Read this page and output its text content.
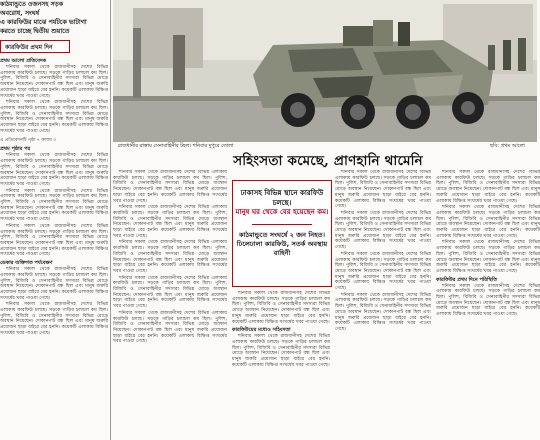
কাঠমান্ডুতে ওজনসহ সড়ক
অবরোধ, সংঘর্ষ
এ কারফিউর মাঝে পর্যটকে ভাটাগা
করতে চাচ্ছে দ্বিতীয় শুয়াতে
কারফিউর প্রথম দিন
রাজধানীর রাস্তায় সেনাবাহিনীর টহল। শনিবার দুপুরে তোলা	ছবি: প্রথম আলো
সহিংসতা কমেছে, প্রাণহানি থামেনি
ঢাকাসহ বিভিন্ন স্থানে কারফিউ চলছে।
মানুষ ঘর থেকে বের হয়েছেন কম।
কাঠমান্ডুতে সংঘর্ষে ২ জন নিহত।
ঢিলেঢালা কারফিউ, সতর্ক অবস্থায় বাহিনী
প্রথম আলো প্রতিবেদক
শনিবার সকাল থেকে রাজধানীসহ দেশের বিভিন্ন এলাকায় কারফিউ চলছে। সড়কে গাড়ির চলাচল কম ছিল। পুলিশ, বিজিবি ও সেনাবাহিনীর সদস্যরা বিভিন্ন মোড়ে অবস্থান নিয়েছেন। দোকানপাট বন্ধ ছিল এবং মানুষ জরুরি প্রয়োজন ছাড়া বাইরে বের হননি। কয়েকটি এলাকায় বিক্ষিপ্ত সংঘর্ষের খবর পাওয়া গেছে।
শনিবার সকাল থেকে রাজধানীসহ দেশের বিভিন্ন এলাকায় কারফিউ চলছে। সড়কে গাড়ির চলাচল কম ছিল। পুলিশ, বিজিবি ও সেনাবাহিনীর সদস্যরা বিভিন্ন মোড়ে অবস্থান নিয়েছেন। দোকানপাট বন্ধ ছিল এবং মানুষ জরুরি প্রয়োজন ছাড়া বাইরে বের হননি। কয়েকটি এলাকায় বিক্ষিপ্ত সংঘর্ষের খবর পাওয়া গেছে।
এ প্রতিবেদনটি পৃষ্ঠা ৭ কলাম ৩
প্রথম পৃষ্ঠার পর
শনিবার সকাল থেকে রাজধানীসহ দেশের বিভিন্ন এলাকায় কারফিউ চলছে। সড়কে গাড়ির চলাচল কম ছিল। পুলিশ, বিজিবি ও সেনাবাহিনীর সদস্যরা বিভিন্ন মোড়ে অবস্থান নিয়েছেন। দোকানপাট বন্ধ ছিল এবং মানুষ জরুরি প্রয়োজন ছাড়া বাইরে বের হননি। কয়েকটি এলাকায় বিক্ষিপ্ত সংঘর্ষের খবর পাওয়া গেছে।
শনিবার সকাল থেকে রাজধানীসহ দেশের বিভিন্ন এলাকায় কারফিউ চলছে। সড়কে গাড়ির চলাচল কম ছিল। পুলিশ, বিজিবি ও সেনাবাহিনীর সদস্যরা বিভিন্ন মোড়ে অবস্থান নিয়েছেন। দোকানপাট বন্ধ ছিল এবং মানুষ জরুরি প্রয়োজন ছাড়া বাইরে বের হননি। কয়েকটি এলাকায় বিক্ষিপ্ত সংঘর্ষের খবর পাওয়া গেছে।
শনিবার সকাল থেকে রাজধানীসহ দেশের বিভিন্ন এলাকায় কারফিউ চলছে। সড়কে গাড়ির চলাচল কম ছিল। পুলিশ, বিজিবি ও সেনাবাহিনীর সদস্যরা বিভিন্ন মোড়ে অবস্থান নিয়েছেন। দোকানপাট বন্ধ ছিল এবং মানুষ জরুরি প্রয়োজন ছাড়া বাইরে বের হননি। কয়েকটি এলাকায় বিক্ষিপ্ত সংঘর্ষের খবর পাওয়া গেছে।
ডেকার ব্যক্তিগত পর্যবেক্ষণ
শনিবার সকাল থেকে রাজধানীসহ দেশের বিভিন্ন এলাকায় কারফিউ চলছে। সড়কে গাড়ির চলাচল কম ছিল। পুলিশ, বিজিবি ও সেনাবাহিনীর সদস্যরা বিভিন্ন মোড়ে অবস্থান নিয়েছেন। দোকানপাট বন্ধ ছিল এবং মানুষ জরুরি প্রয়োজন ছাড়া বাইরে বের হননি। কয়েকটি এলাকায় বিক্ষিপ্ত সংঘর্ষের খবর পাওয়া গেছে।
শনিবার সকাল থেকে রাজধানীসহ দেশের বিভিন্ন এলাকায় কারফিউ চলছে। সড়কে গাড়ির চলাচল কম ছিল। পুলিশ, বিজিবি ও সেনাবাহিনীর সদস্যরা বিভিন্ন মোড়ে অবস্থান নিয়েছেন। দোকানপাট বন্ধ ছিল এবং মানুষ জরুরি প্রয়োজন ছাড়া বাইরে বের হননি। কয়েকটি এলাকায় বিক্ষিপ্ত সংঘর্ষের খবর পাওয়া গেছে।
শনিবার সকাল থেকে রাজধানীসহ দেশের বিভিন্ন এলাকায় কারফিউ চলছে। সড়কে গাড়ির চলাচল কম ছিল। পুলিশ, বিজিবি ও সেনাবাহিনীর সদস্যরা বিভিন্ন মোড়ে অবস্থান নিয়েছেন। দোকানপাট বন্ধ ছিল এবং মানুষ জরুরি প্রয়োজন ছাড়া বাইরে বের হননি। কয়েকটি এলাকায় বিক্ষিপ্ত সংঘর্ষের খবর পাওয়া গেছে।
শনিবার সকাল থেকে রাজধানীসহ দেশের বিভিন্ন এলাকায় কারফিউ চলছে। সড়কে গাড়ির চলাচল কম ছিল। পুলিশ, বিজিবি ও সেনাবাহিনীর সদস্যরা বিভিন্ন মোড়ে অবস্থান নিয়েছেন। দোকানপাট বন্ধ ছিল এবং মানুষ জরুরি প্রয়োজন ছাড়া বাইরে বের হননি। কয়েকটি এলাকায় বিক্ষিপ্ত সংঘর্ষের খবর পাওয়া গেছে।
শনিবার সকাল থেকে রাজধানীসহ দেশের বিভিন্ন এলাকায় কারফিউ চলছে। সড়কে গাড়ির চলাচল কম ছিল। পুলিশ, বিজিবি ও সেনাবাহিনীর সদস্যরা বিভিন্ন মোড়ে অবস্থান নিয়েছেন। দোকানপাট বন্ধ ছিল এবং মানুষ জরুরি প্রয়োজন ছাড়া বাইরে বের হননি। কয়েকটি এলাকায় বিক্ষিপ্ত সংঘর্ষের খবর পাওয়া গেছে।
শনিবার সকাল থেকে রাজধানীসহ দেশের বিভিন্ন এলাকায় কারফিউ চলছে। সড়কে গাড়ির চলাচল কম ছিল। পুলিশ, বিজিবি ও সেনাবাহিনীর সদস্যরা বিভিন্ন মোড়ে অবস্থান নিয়েছেন। দোকানপাট বন্ধ ছিল এবং মানুষ জরুরি প্রয়োজন ছাড়া বাইরে বের হননি। কয়েকটি এলাকায় বিক্ষিপ্ত সংঘর্ষের খবর পাওয়া গেছে।
শনিবার সকাল থেকে রাজধানীসহ দেশের বিভিন্ন এলাকায় কারফিউ চলছে। সড়কে গাড়ির চলাচল কম ছিল। পুলিশ, বিজিবি ও সেনাবাহিনীর সদস্যরা বিভিন্ন মোড়ে অবস্থান নিয়েছেন। দোকানপাট বন্ধ ছিল এবং মানুষ জরুরি প্রয়োজন ছাড়া বাইরে বের হননি। কয়েকটি এলাকায় বিক্ষিপ্ত সংঘর্ষের খবর পাওয়া গেছে।
শনিবার সকাল থেকে রাজধানীসহ দেশের বিভিন্ন এলাকায় কারফিউ চলছে। সড়কে গাড়ির চলাচল কম ছিল। পুলিশ, বিজিবি ও সেনাবাহিনীর সদস্যরা বিভিন্ন মোড়ে অবস্থান নিয়েছেন। দোকানপাট বন্ধ ছিল এবং মানুষ জরুরি প্রয়োজন ছাড়া বাইরে বের হননি। কয়েকটি এলাকায় বিক্ষিপ্ত সংঘর্ষের খবর পাওয়া গেছে।
কারফিউয়ের মধ্যেও সহিংসতা
শনিবার সকাল থেকে রাজধানীসহ দেশের বিভিন্ন এলাকায় কারফিউ চলছে। সড়কে গাড়ির চলাচল কম ছিল। পুলিশ, বিজিবি ও সেনাবাহিনীর সদস্যরা বিভিন্ন মোড়ে অবস্থান নিয়েছেন। দোকানপাট বন্ধ ছিল এবং মানুষ জরুরি প্রয়োজন ছাড়া বাইরে বের হননি। কয়েকটি এলাকায় বিক্ষিপ্ত সংঘর্ষের খবর পাওয়া গেছে।
শনিবার সকাল থেকে রাজধানীসহ দেশের বিভিন্ন এলাকায় কারফিউ চলছে। সড়কে গাড়ির চলাচল কম ছিল। পুলিশ, বিজিবি ও সেনাবাহিনীর সদস্যরা বিভিন্ন মোড়ে অবস্থান নিয়েছেন। দোকানপাট বন্ধ ছিল এবং মানুষ জরুরি প্রয়োজন ছাড়া বাইরে বের হননি। কয়েকটি এলাকায় বিক্ষিপ্ত সংঘর্ষের খবর পাওয়া গেছে।
শনিবার সকাল থেকে রাজধানীসহ দেশের বিভিন্ন এলাকায় কারফিউ চলছে। সড়কে গাড়ির চলাচল কম ছিল। পুলিশ, বিজিবি ও সেনাবাহিনীর সদস্যরা বিভিন্ন মোড়ে অবস্থান নিয়েছেন। দোকানপাট বন্ধ ছিল এবং মানুষ জরুরি প্রয়োজন ছাড়া বাইরে বের হননি। কয়েকটি এলাকায় বিক্ষিপ্ত সংঘর্ষের খবর পাওয়া গেছে।
শনিবার সকাল থেকে রাজধানীসহ দেশের বিভিন্ন এলাকায় কারফিউ চলছে। সড়কে গাড়ির চলাচল কম ছিল। পুলিশ, বিজিবি ও সেনাবাহিনীর সদস্যরা বিভিন্ন মোড়ে অবস্থান নিয়েছেন। দোকানপাট বন্ধ ছিল এবং মানুষ জরুরি প্রয়োজন ছাড়া বাইরে বের হননি। কয়েকটি এলাকায় বিক্ষিপ্ত সংঘর্ষের খবর পাওয়া গেছে।
শনিবার সকাল থেকে রাজধানীসহ দেশের বিভিন্ন এলাকায় কারফিউ চলছে। সড়কে গাড়ির চলাচল কম ছিল। পুলিশ, বিজিবি ও সেনাবাহিনীর সদস্যরা বিভিন্ন মোড়ে অবস্থান নিয়েছেন। দোকানপাট বন্ধ ছিল এবং মানুষ জরুরি প্রয়োজন ছাড়া বাইরে বের হননি। কয়েকটি এলাকায় বিক্ষিপ্ত সংঘর্ষের খবর পাওয়া গেছে।
শনিবার সকাল থেকে রাজধানীসহ দেশের বিভিন্ন এলাকায় কারফিউ চলছে। সড়কে গাড়ির চলাচল কম ছিল। পুলিশ, বিজিবি ও সেনাবাহিনীর সদস্যরা বিভিন্ন মোড়ে অবস্থান নিয়েছেন। দোকানপাট বন্ধ ছিল এবং মানুষ জরুরি প্রয়োজন ছাড়া বাইরে বের হননি। কয়েকটি এলাকায় বিক্ষিপ্ত সংঘর্ষের খবর পাওয়া গেছে।
শনিবার সকাল থেকে রাজধানীসহ দেশের বিভিন্ন এলাকায় কারফিউ চলছে। সড়কে গাড়ির চলাচল কম ছিল। পুলিশ, বিজিবি ও সেনাবাহিনীর সদস্যরা বিভিন্ন মোড়ে অবস্থান নিয়েছেন। দোকানপাট বন্ধ ছিল এবং মানুষ জরুরি প্রয়োজন ছাড়া বাইরে বের হননি। কয়েকটি এলাকায় বিক্ষিপ্ত সংঘর্ষের খবর পাওয়া গেছে।
শনিবার সকাল থেকে রাজধানীসহ দেশের বিভিন্ন এলাকায় কারফিউ চলছে। সড়কে গাড়ির চলাচল কম ছিল। পুলিশ, বিজিবি ও সেনাবাহিনীর সদস্যরা বিভিন্ন মোড়ে অবস্থান নিয়েছেন। দোকানপাট বন্ধ ছিল এবং মানুষ জরুরি প্রয়োজন ছাড়া বাইরে বের হননি। কয়েকটি এলাকায় বিক্ষিপ্ত সংঘর্ষের খবর পাওয়া গেছে।
কারফিউর প্রথম দিনে পরিস্থিতি
শনিবার সকাল থেকে রাজধানীসহ দেশের বিভিন্ন এলাকায় কারফিউ চলছে। সড়কে গাড়ির চলাচল কম ছিল। পুলিশ, বিজিবি ও সেনাবাহিনীর সদস্যরা বিভিন্ন মোড়ে অবস্থান নিয়েছেন। দোকানপাট বন্ধ ছিল এবং মানুষ জরুরি প্রয়োজন ছাড়া বাইরে বের হননি। কয়েকটি এলাকায় বিক্ষিপ্ত সংঘর্ষের খবর পাওয়া গেছে।
